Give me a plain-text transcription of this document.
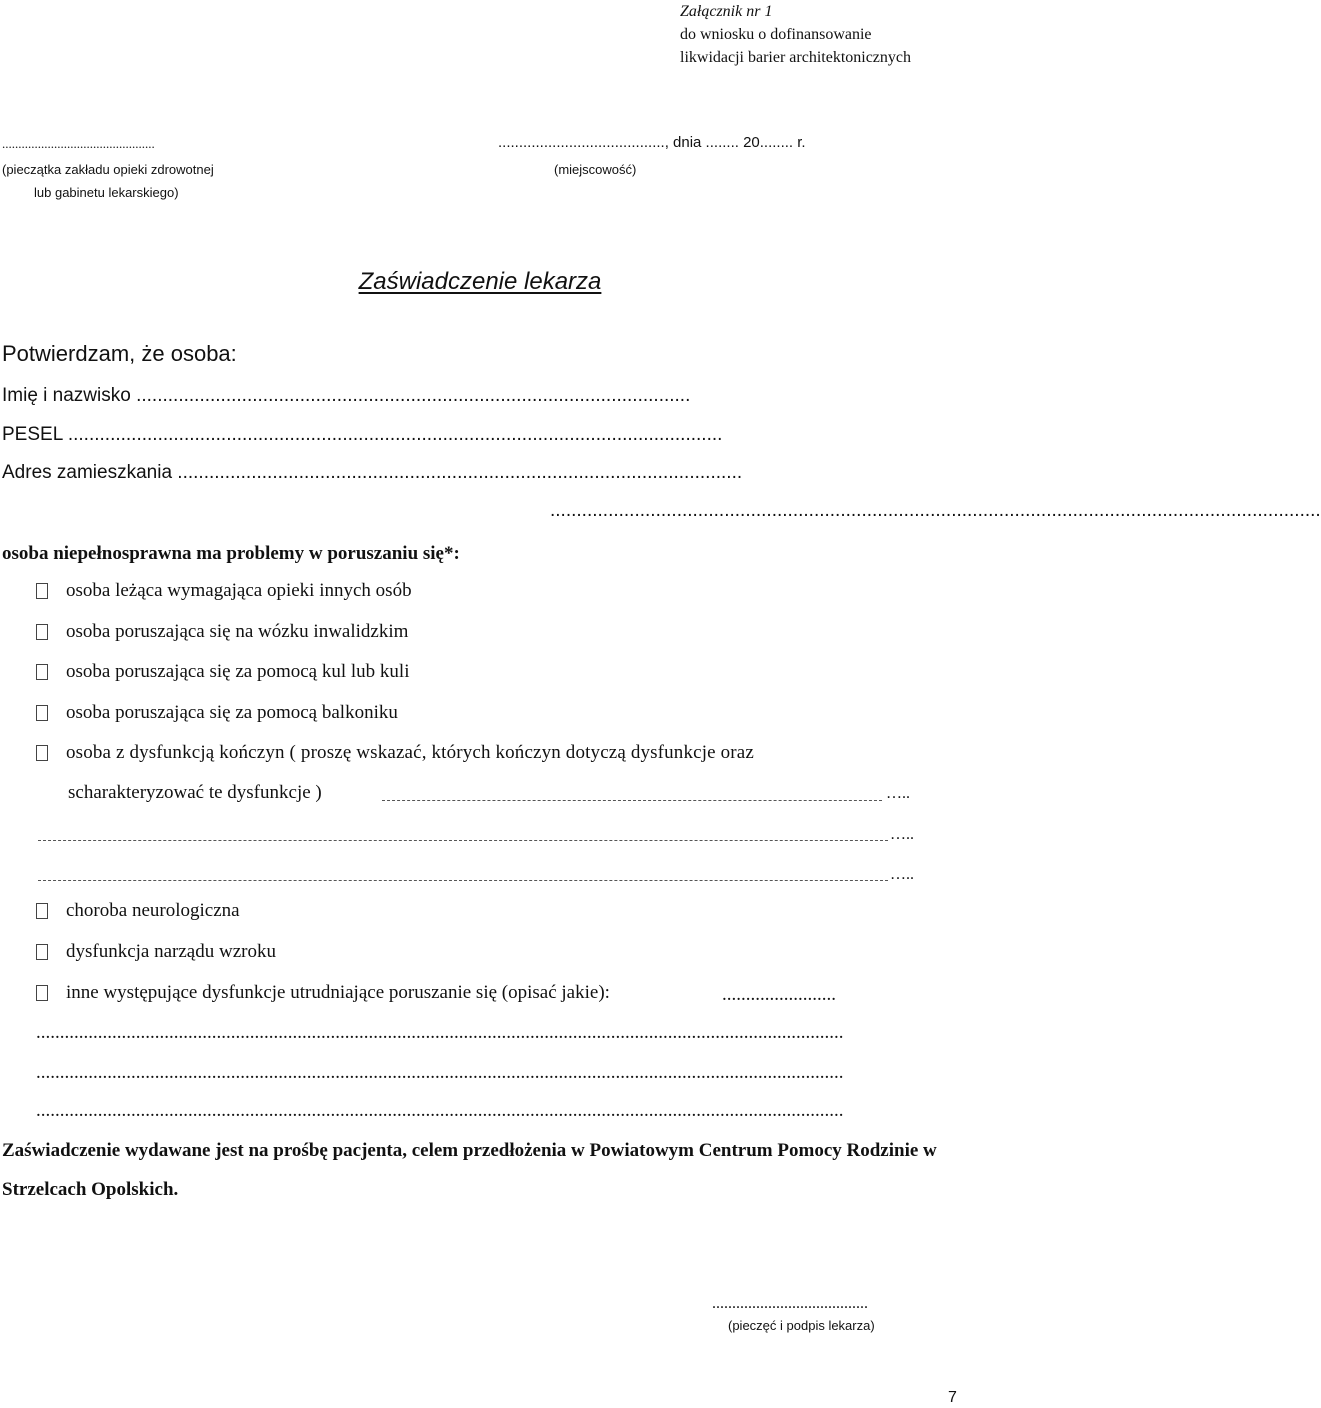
Załącznik nr 1
do wniosku o dofinansowanie
likwidacji barier architektonicznych
...............................................
(pieczątka zakładu opieki zdrowotnej
lub gabinetu lekarskiego)
........................................, dnia ........ 20........ r.
(miejscowość)
Zaświadczenie lekarza
Potwierdzam, że osoba:
Imię i nazwisko .........................................................................................................
PESEL ............................................................................................................................
Adres zamieszkania ...........................................................................................................
..................................................................................................................................................
osoba niepełnosprawna ma problemy w poruszaniu się*:
osoba leżąca wymagająca opieki innych osób
osoba poruszająca się na wózku inwalidzkim
osoba poruszająca się za pomocą kul lub kuli
osoba poruszająca się za pomocą balkoniku
osoba z dysfunkcją kończyn ( proszę wskazać, których kończyn dotyczą dysfunkcje oraz
scharakteryzować te dysfunkcje )	…..
…..
…..
choroba neurologiczna
dysfunkcja narządu wzroku
inne występujące dysfunkcje utrudniające poruszanie się (opisać jakie):	........................
..........................................................................................................................................................................
..........................................................................................................................................................................
..........................................................................................................................................................................
Zaświadczenie wydawane jest na prośbę pacjenta, celem przedłożenia w Powiatowym Centrum Pomocy Rodzinie w Strzelcach Opolskich.
.......................................
(pieczęć i podpis lekarza)
7
